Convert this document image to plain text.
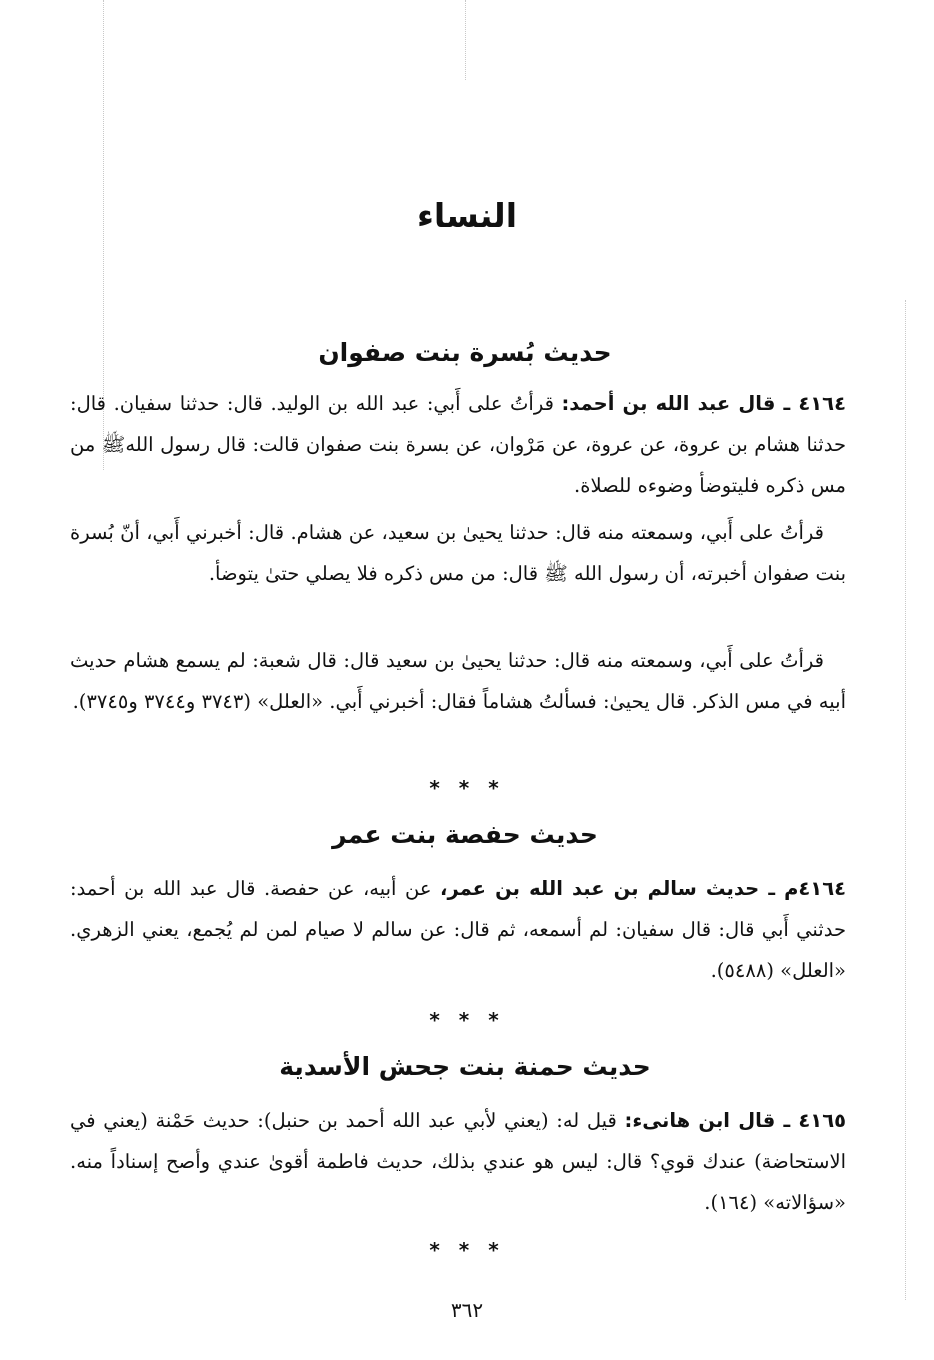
النساء
حديث بُسرة بنت صفوان

٤١٦٤ ـ قال عبد الله بن أحمد: قرأتُ على أَبي: عبد الله بن الوليد. قال: حدثنا سفيان. قال: حدثنا هشام بن عروة، عن عروة، عن مَرْوان، عن بسرة بنت صفوان قالت: قال رسول اللهﷺ من مس ذكره فليتوضأ وضوءه للصلاة.

قرأتُ على أَبي، وسمعته منه قال: حدثنا يحيىٰ بن سعيد، عن هشام. قال: أخبرني أَبي، أنّ بُسرة بنت صفوان أخبرته، أن رسول الله ﷺ قال: من مس ذكره فلا يصلي حتىٰ يتوضأ.

قرأتُ على أَبي، وسمعته منه قال: حدثنا يحيىٰ بن سعيد قال: قال شعبة: لم يسمع هشام حديث أبيه في مس الذكر. قال يحيىٰ: فسألتُ هشاماً فقال: أخبرني أَبي. «العلل» (٣٧٤٣ و٣٧٤٤ و٣٧٤٥).

* * *
حديث حفصة بنت عمر

٤١٦٤م ـ حديث سالم بن عبد الله بن عمر، عن أبيه، عن حفصة. قال عبد الله بن أحمد: حدثني أَبي قال: قال سفيان: لم أسمعه، ثم قال: عن سالم لا صيام لمن لم يُجمع، يعني الزهري. «العلل» (٥٤٨٨).

* * *
حديث حمنة بنت جحش الأسدية

٤١٦٥ ـ قال ابن هانىء: قيل له: (يعني لأبي عبد الله أحمد بن حنبل): حديث حَمْنة (يعني في الاستحاضة) عندك قوي؟ قال: ليس هو عندي بذلك، حديث فاطمة أقوىٰ عندي وأصح إسناداً منه. «سؤالاته» (١٦٤).

* * *
٣٦٢
